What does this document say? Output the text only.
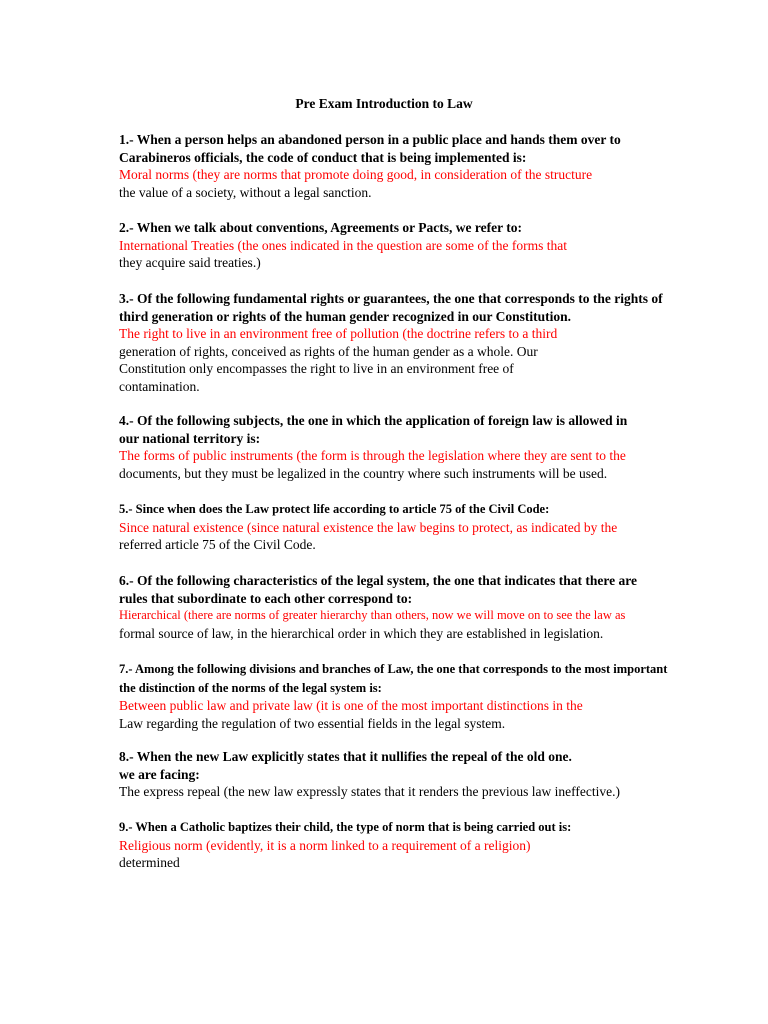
Pre Exam Introduction to Law
1.- When a person helps an abandoned person in a public place and hands them over to
Carabineros officials, the code of conduct that is being implemented is:
Moral norms (they are norms that promote doing good, in consideration of the structure
the value of a society, without a legal sanction.
2.- When we talk about conventions, Agreements or Pacts, we refer to:
International Treaties (the ones indicated in the question are some of the forms that
they acquire said treaties.)
3.- Of the following fundamental rights or guarantees, the one that corresponds to the rights of
third generation or rights of the human gender recognized in our Constitution.
The right to live in an environment free of pollution (the doctrine refers to a third
generation of rights, conceived as rights of the human gender as a whole. Our
Constitution only encompasses the right to live in an environment free of
contamination.
4.- Of the following subjects, the one in which the application of foreign law is allowed in
our national territory is:
The forms of public instruments (the form is through the legislation where they are sent to the
documents, but they must be legalized in the country where such instruments will be used.
5.- Since when does the Law protect life according to article 75 of the Civil Code:
Since natural existence (since natural existence the law begins to protect, as indicated by the
referred article 75 of the Civil Code.
6.- Of the following characteristics of the legal system, the one that indicates that there are
rules that subordinate to each other correspond to:
Hierarchical (there are norms of greater hierarchy than others, now we will move on to see the law as
formal source of law, in the hierarchical order in which they are established in legislation.
7.- Among the following divisions and branches of Law, the one that corresponds to the most important
the distinction of the norms of the legal system is:
Between public law and private law (it is one of the most important distinctions in the
Law regarding the regulation of two essential fields in the legal system.
8.- When the new Law explicitly states that it nullifies the repeal of the old one.
we are facing:
The express repeal (the new law expressly states that it renders the previous law ineffective.)
9.- When a Catholic baptizes their child, the type of norm that is being carried out is:
Religious norm (evidently, it is a norm linked to a requirement of a religion)
determined
